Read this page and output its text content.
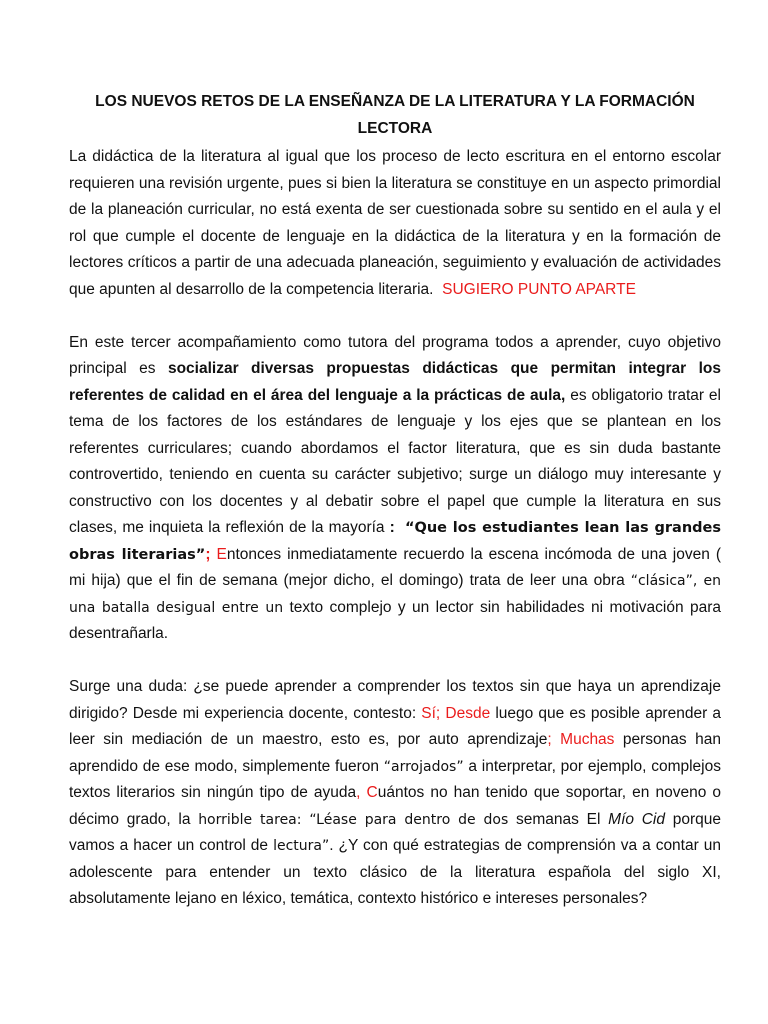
LOS NUEVOS RETOS DE LA ENSEÑANZA DE LA LITERATURA Y LA FORMACIÓN LECTORA

La didáctica de la literatura al igual que los proceso de lecto escritura en el entorno escolar requieren una revisión urgente, pues si bien la literatura se constituye en un aspecto primordial de la planeación curricular, no está exenta de ser cuestionada sobre su sentido en el aula y el rol que cumple el docente de lenguaje en la didáctica de la literatura y en la formación de lectores críticos a partir de una adecuada planeación, seguimiento y evaluación de actividades que apunten al desarrollo de la competencia literaria. SUGIERO PUNTO APARTE

En este tercer acompañamiento como tutora del programa todos a aprender, cuyo objetivo principal es socializar diversas propuestas didácticas que permitan integrar los referentes de calidad en el área del lenguaje a la prácticas de aula, es obligatorio tratar el tema de los factores de los estándares de lenguaje y los ejes que se plantean en los referentes curriculares; cuando abordamos el factor literatura, que es sin duda bastante controvertido, teniendo en cuenta su carácter subjetivo; surge un diálogo muy interesante y constructivo con los docentes y al debatir sobre el papel que cumple la literatura en sus clases, me inquieta la reflexión de la mayoría : “Que los estudiantes lean las grandes obras literarias”; Entonces inmediatamente recuerdo la escena incómoda de una joven ( mi hija) que el fin de semana (mejor dicho, el domingo) trata de leer una obra “clásica”, en una batalla desigual entre un texto complejo y un lector sin habilidades ni motivación para desentrañarla.

Surge una duda: ¿se puede aprender a comprender los textos sin que haya un aprendizaje dirigido? Desde mi experiencia docente, contesto: Sí; Desde luego que es posible aprender a leer sin mediación de un maestro, esto es, por auto aprendizaje; Muchas personas han aprendido de ese modo, simplemente fueron “arrojados” a interpretar, por ejemplo, complejos textos literarios sin ningún tipo de ayuda, Cuántos no han tenido que soportar, en noveno o décimo grado, la horrible tarea: “Léase para dentro de dos semanas El Mío Cid porque vamos a hacer un control de lectura”. ¿Y con qué estrategias de comprensión va a contar un adolescente para entender un texto clásico de la literatura española del siglo XI, absolutamente lejano en léxico, temática, contexto histórico e intereses personales?
